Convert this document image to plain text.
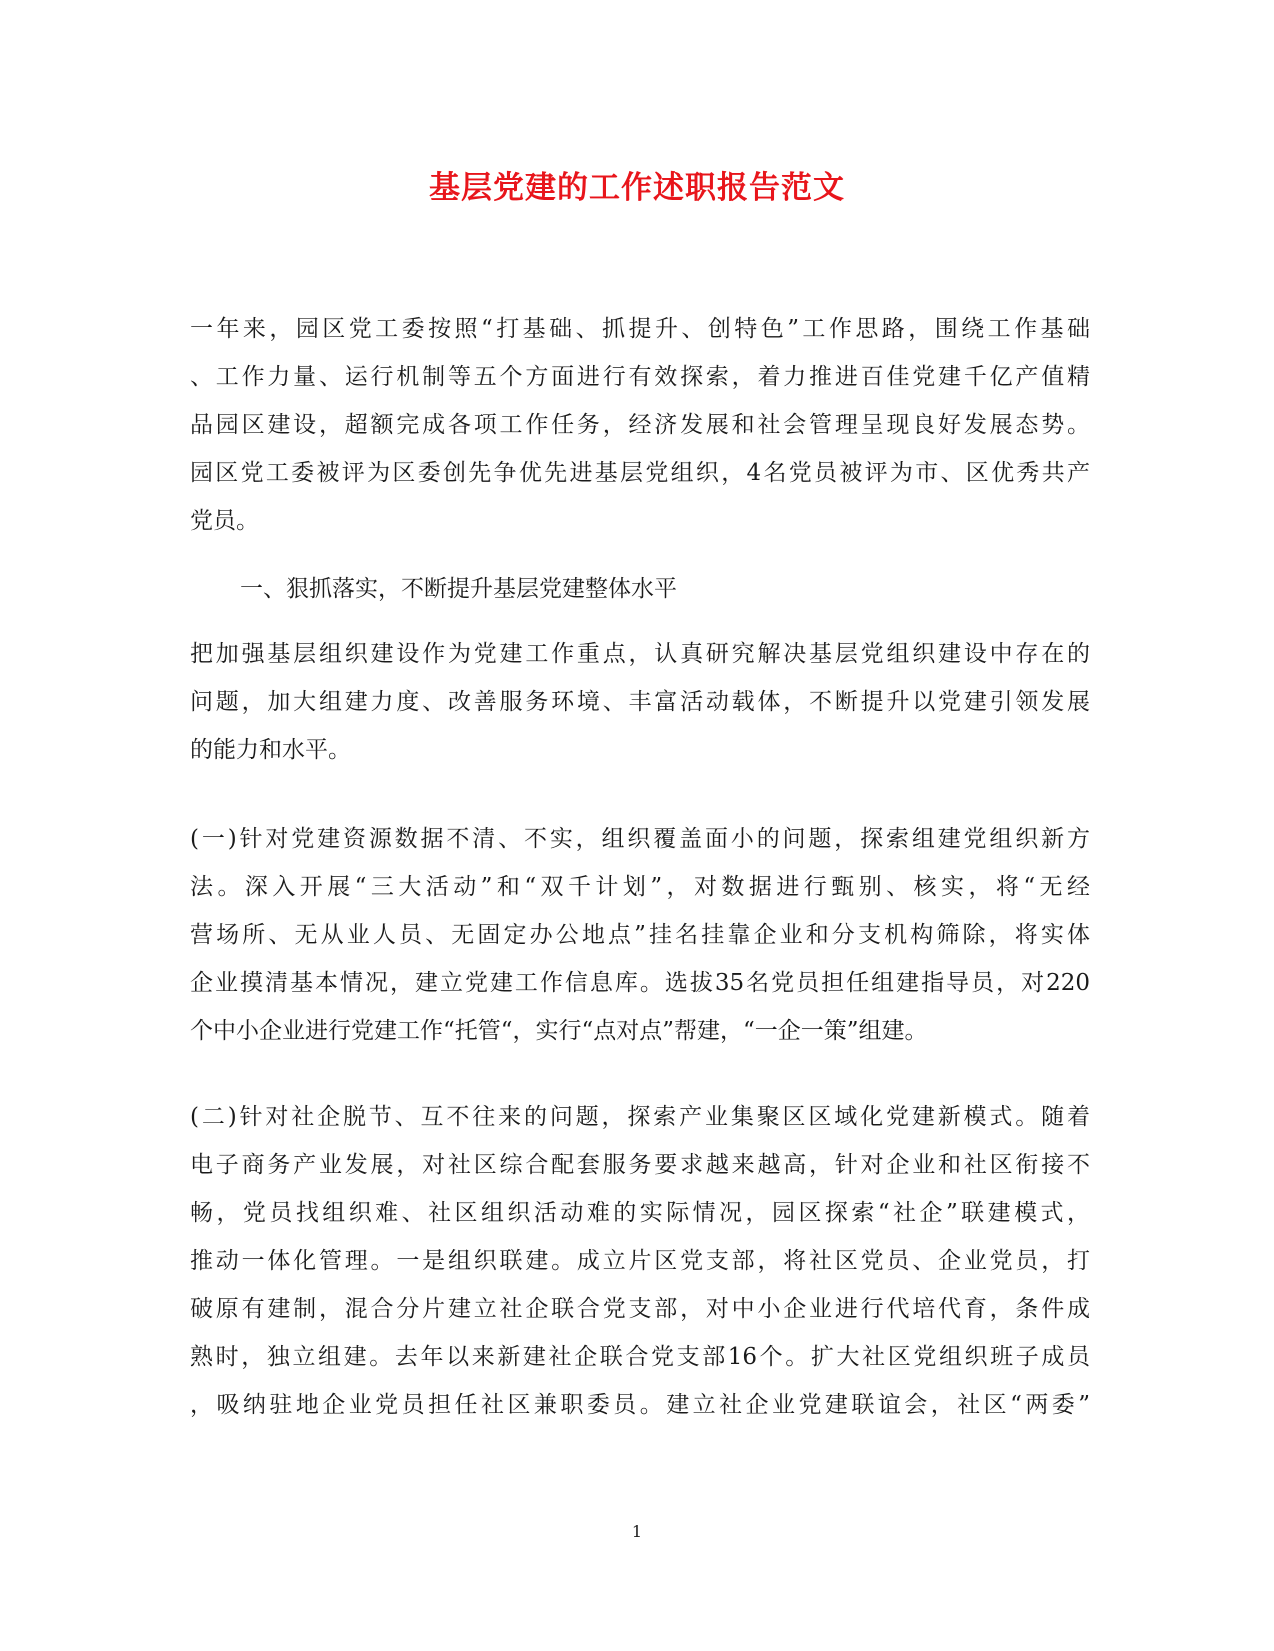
基层党建的工作述职报告范文
一年来，园区党工委按照“打基础、抓提升、创特色”工作思路，围绕工作基础
、工作力量、运行机制等五个方面进行有效探索，着力推进百佳党建千亿产值精
品园区建设，超额完成各项工作任务，经济发展和社会管理呈现良好发展态势。
园区党工委被评为区委创先争优先进基层党组织，4名党员被评为市、区优秀共产
党员。
一、狠抓落实，不断提升基层党建整体水平
把加强基层组织建设作为党建工作重点，认真研究解决基层党组织建设中存在的
问题，加大组建力度、改善服务环境、丰富活动载体，不断提升以党建引领发展
的能力和水平。
(一)针对党建资源数据不清、不实，组织覆盖面小的问题，探索组建党组织新方
法。深入开展“三大活动”和“双千计划”，对数据进行甄别、核实，将“无经
营场所、无从业人员、无固定办公地点”挂名挂靠企业和分支机构筛除，将实体
企业摸清基本情况，建立党建工作信息库。选拔35名党员担任组建指导员，对220
个中小企业进行党建工作“托管“，实行“点对点”帮建，“一企一策”组建。
(二)针对社企脱节、互不往来的问题，探索产业集聚区区域化党建新模式。随着
电子商务产业发展，对社区综合配套服务要求越来越高，针对企业和社区衔接不
畅，党员找组织难、社区组织活动难的实际情况，园区探索“社企”联建模式，
推动一体化管理。一是组织联建。成立片区党支部，将社区党员、企业党员，打
破原有建制，混合分片建立社企联合党支部，对中小企业进行代培代育，条件成
熟时，独立组建。去年以来新建社企联合党支部16个。扩大社区党组织班子成员
，吸纳驻地企业党员担任社区兼职委员。建立社企业党建联谊会，社区“两委”
1
